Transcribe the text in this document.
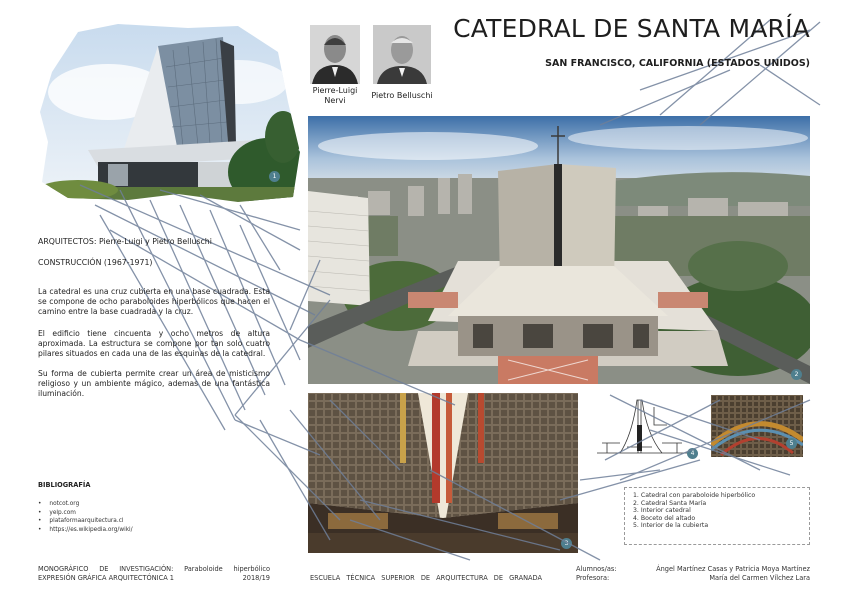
1
Pierre-Luigi Nervi
Pietro Belluschi
2
3
4
5
CATEDRAL DE SANTA MARÍA
SAN FRANCISCO, CALIFORNIA (ESTADOS UNIDOS)
ARQUITECTOS: Pierre-Luigi y Pietro Belluschi
CONSTRUCCIÓN (1967-1971)
La catedral es una cruz cubierta en una base cuadrada. Esta se compone de ocho paraboloides hiperbólicos que hacen el camino entre la base cuadrada y la cruz.
El edificio tiene cincuenta y ocho metros de altura aproximada. La estructura se compone por tan solo cuatro pilares situados en cada una de las esquinas de la catedral.
Su forma de cubierta permite crear un área de misticismo religioso y un ambiente mágico, ademas de una fantástica iluminación.
BIBLIOGRAFÍA
• notcot.org
• yelp.com
• plataformaarquitectura.cl
• https://es.wikipedia.org/wiki/
1. Catedral con paraboloide hiperbólico
2. Catedral Santa María
3. Interior catedral
4. Boceto del altado
5. Interior de la cubierta
MONOGRÁFICO DE INVESTIGACIÓN: Paraboloide hiperbólico
EXPRESIÓN GRÁFICA ARQUITECTÓNICA 1	2018/19	ESCUELA TÉCNICA SUPERIOR DE ARQUITECTURA DE GRANADA
Alumnos/as:
Profesora:
Ángel Martínez Casas y Patricia Moya Martínez
María del Carmen Vílchez Lara
